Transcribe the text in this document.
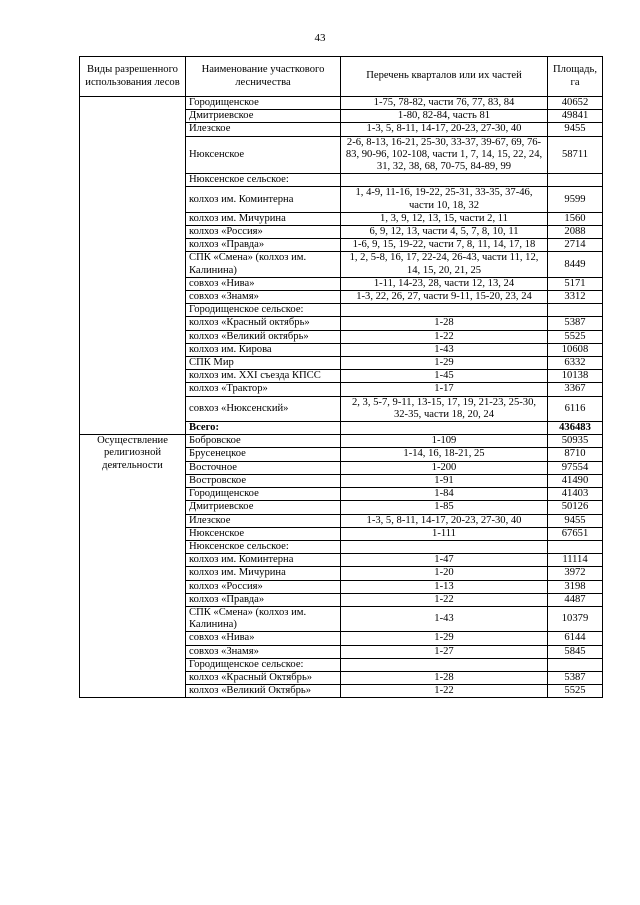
43
Виды разрешенного использования лесов	Наименование участкового лесничества	Перечень кварталов или их частей	Площадь, га
	Городищенское	1-75, 78-82, части 76, 77, 83, 84	40652
	Дмитриевское	1-80, 82-84, часть 81	49841
	Илезское	1-3, 5, 8-11, 14-17, 20-23, 27-30, 40	9455
	Нюксенское	2-6, 8-13, 16-21, 25-30, 33-37, 39-67, 69, 76-83, 90-96, 102-108, части 1, 7, 14, 15, 22, 24, 31, 32, 38, 68, 70-75, 84-89, 99	58711
	Нюксенское сельское:		
	колхоз им. Коминтерна	1, 4-9, 11-16, 19-22, 25-31, 33-35, 37-46, части 10, 18, 32	9599
	колхоз им. Мичурина	1, 3, 9, 12, 13, 15, части 2, 11	1560
	колхоз «Россия»	6, 9, 12, 13, части 4, 5, 7, 8, 10, 11	2088
	колхоз «Правда»	1-6, 9, 15, 19-22, части 7, 8, 11, 14, 17, 18	2714
	СПК «Смена» (колхоз им. Калинина)	1, 2, 5-8, 16, 17, 22-24, 26-43, части 11, 12, 14, 15, 20, 21, 25	8449
	совхоз «Нива»	1-11, 14-23, 28, части 12, 13, 24	5171
	совхоз «Знамя»	1-3, 22, 26, 27, части 9-11, 15-20, 23, 24	3312
	Городищенское сельское:		
	колхоз «Красный октябрь»	1-28	5387
	колхоз «Великий октябрь»	1-22	5525
	колхоз им. Кирова	1-43	10608
	СПК Мир	1-29	6332
	колхоз им. XXI съезда КПСС	1-45	10138
	колхоз «Трактор»	1-17	3367
	совхоз «Нюксенский»	2, 3, 5-7, 9-11, 13-15, 17, 19, 21-23, 25-30, 32-35, части 18, 20, 24	6116
	Всего:		436483
Осуществление религиозной деятельности	Бобровское	1-109	50935
	Брусенецкое	1-14, 16, 18-21, 25	8710
	Восточное	1-200	97554
	Востровское	1-91	41490
	Городищенское	1-84	41403
	Дмитриевское	1-85	50126
	Илезское	1-3, 5, 8-11, 14-17, 20-23, 27-30, 40	9455
	Нюксенское	1-111	67651
	Нюксенское сельское:		
	колхоз им. Коминтерна	1-47	11114
	колхоз им. Мичурина	1-20	3972
	колхоз «Россия»	1-13	3198
	колхоз «Правда»	1-22	4487
	СПК «Смена» (колхоз им. Калинина)	1-43	10379
	совхоз «Нива»	1-29	6144
	совхоз «Знамя»	1-27	5845
	Городищенское сельское:		
	колхоз «Красный Октябрь»	1-28	5387
	колхоз «Великий Октябрь»	1-22	5525
